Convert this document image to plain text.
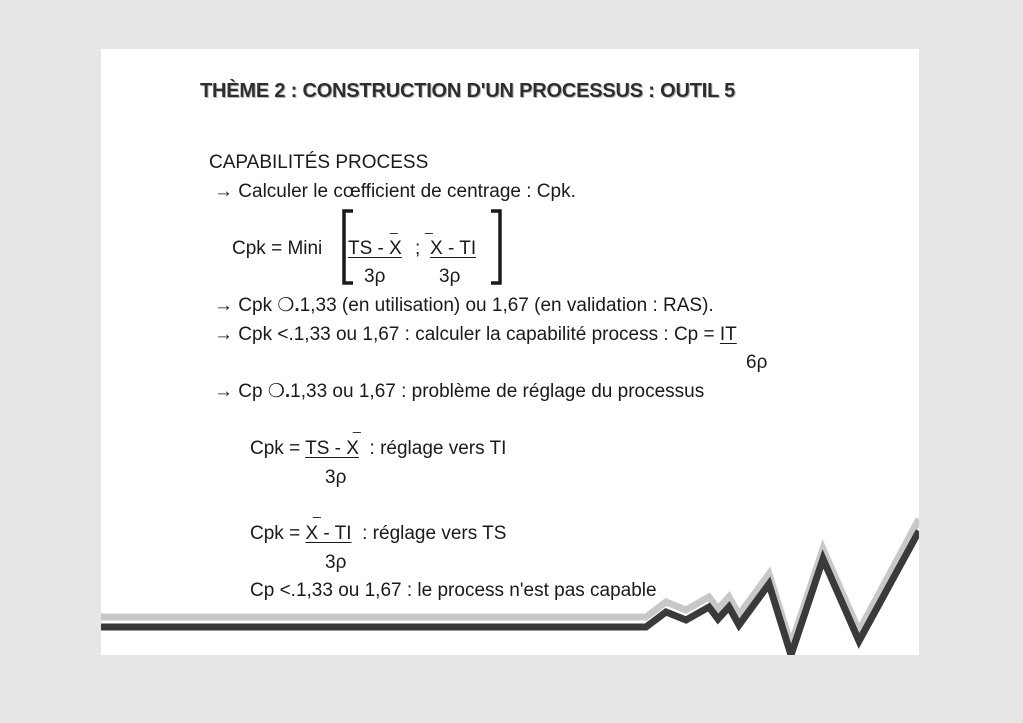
THÈME 2 : CONSTRUCTION D'UN PROCESSUS : OUTIL 5
CAPABILITÉS PROCESS
→ Calculer le cœfficient de centrage : Cpk.
Cpk = Mini
_ _
TS - X ; X - TI
3ρ	3ρ
→ Cpk ❍.1,33 (en utilisation) ou 1,67 (en validation : RAS).
→ Cpk <.1,33 ou 1,67 : calculer la capabilité process : Cp = IT
6ρ
→ Cp ❍.1,33 ou 1,67 : problème de réglage du processus
_
Cpk = TS - X  : réglage vers TI
3ρ
_
Cpk = X - TI  : réglage vers TS
3ρ
Cp <.1,33 ou 1,67 : le process n'est pas capable
